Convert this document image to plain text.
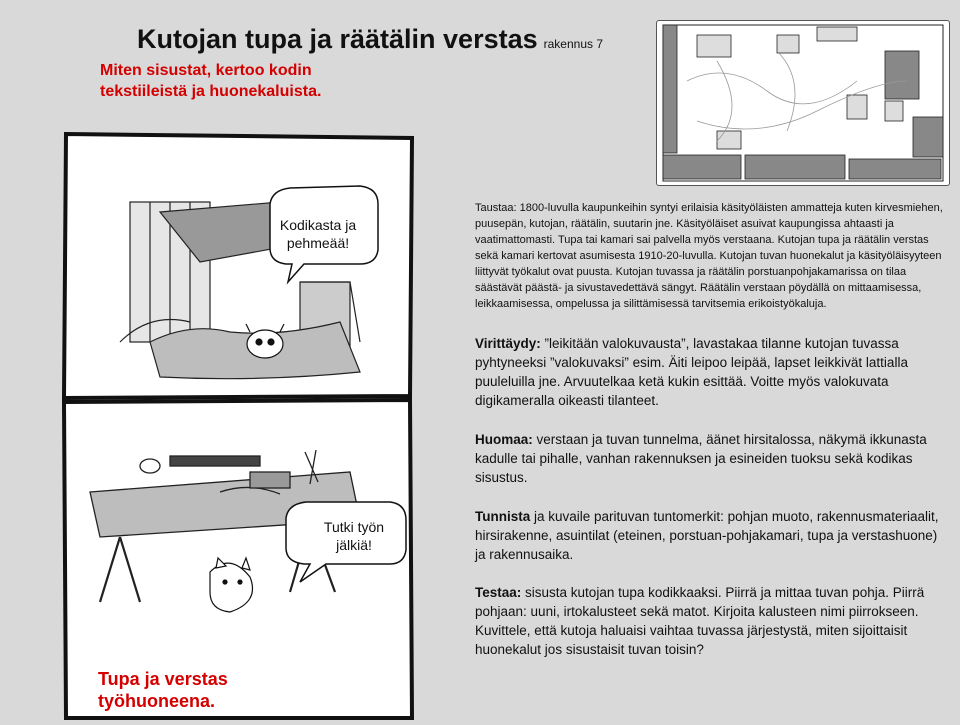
Kutojan tupa ja räätälin verstas rakennus 7
Miten sisustat, kertoo kodin tekstiileistä ja huonekaluista.
Kodikasta ja pehmeää!
Tutki työn jälkiä!
Tupa ja verstas työhuoneena.
Taustaa: 1800-luvulla kaupunkeihin syntyi erilaisia käsityöläisten ammatteja kuten kirvesmiehen, puusepän, kutojan, räätälin, suutarin jne. Käsityöläiset asuivat kaupungissa ahtaasti ja vaatimattomasti. Tupa tai kamari sai palvella myös verstaana. Kutojan tupa ja räätälin verstas sekä kamari kertovat asumisesta 1910-20-luvulla. Kutojan tuvan huonekalut ja käsityöläisyyteen liittyvät työkalut ovat puusta. Kutojan tuvassa ja räätälin porstuanpohjakamarissa on tilaa säästävät päästä- ja sivustavedettävä sängyt. Räätälin verstaan pöydällä on mittaamisessa, leikkaamisessa, ompelussa ja silittämisessä tarvitsemia erikoistyökaluja.
Virittäydy: ”leikitään valokuvausta”, lavastakaa tilanne kutojan tuvassa pyhtyneeksi ”valokuvaksi” esim. Äiti leipoo leipää, lapset leikkivät lattialla puuleluilla jne. Arvuutelkaa ketä kukin esittää. Voitte myös valokuvata digikameralla oikeasti tilanteet.
Huomaa: verstaan ja tuvan tunnelma, äänet hirsitalossa, näkymä ikkunasta kadulle tai pihalle, vanhan rakennuksen ja esineiden tuoksu sekä kodikas sisustus.
Tunnista ja kuvaile parituvan tuntomerkit: pohjan muoto, rakennusmateriaalit, hirsirakenne, asuintilat (eteinen, porstuan-pohjakamari, tupa ja verstashuone) ja rakennusaika.
Testaa: sisusta kutojan tupa kodikkaaksi. Piirrä ja mittaa tuvan pohja. Piirrä pohjaan: uuni, irtokalusteet sekä matot. Kirjoita kalusteen nimi piirrokseen. Kuvittele, että kutoja haluaisi vaihtaa tuvassa järjestystä, miten sijoittaisit huonekalut jos sisustaisit tuvan toisin?
